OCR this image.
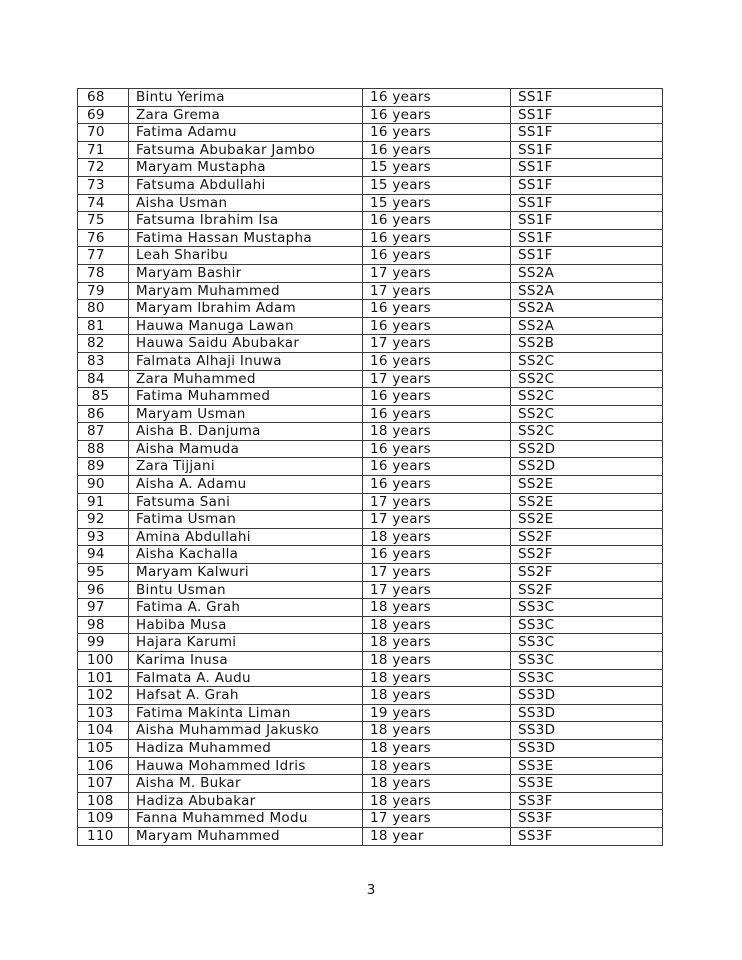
68	Bintu Yerima	16 years	SS1F
69	Zara Grema	16 years	SS1F
70	Fatima Adamu	16 years	SS1F
71	Fatsuma Abubakar Jambo	16 years	SS1F
72	Maryam Mustapha	15 years	SS1F
73	Fatsuma Abdullahi	15 years	SS1F
74	Aisha Usman	15 years	SS1F
75	Fatsuma Ibrahim Isa	16 years	SS1F
76	Fatima Hassan Mustapha	16 years	SS1F
77	Leah Sharibu	16 years	SS1F
78	Maryam Bashir	17 years	SS2A
79	Maryam Muhammed	17 years	SS2A
80	Maryam Ibrahim Adam	16 years	SS2A
81	Hauwa Manuga Lawan	16 years	SS2A
82	Hauwa Saidu Abubakar	17 years	SS2B
83	Falmata Alhaji Inuwa	16 years	SS2C
84	Zara Muhammed	17 years	SS2C
85	Fatima Muhammed	16 years	SS2C
86	Maryam Usman	16 years	SS2C
87	Aisha B. Danjuma	18 years	SS2C
88	Aisha Mamuda	16 years	SS2D
89	Zara Tijjani	16 years	SS2D
90	Aisha A. Adamu	16 years	SS2E
91	Fatsuma Sani	17 years	SS2E
92	Fatima Usman	17 years	SS2E
93	Amina Abdullahi	18 years	SS2F
94	Aisha Kachalla	16 years	SS2F
95	Maryam Kalwuri	17 years	SS2F
96	Bintu Usman	17 years	SS2F
97	Fatima A. Grah	18 years	SS3C
98	Habiba Musa	18 years	SS3C
99	Hajara Karumi	18 years	SS3C
100	Karima Inusa	18 years	SS3C
101	Falmata A. Audu	18 years	SS3C
102	Hafsat A. Grah	18 years	SS3D
103	Fatima Makinta Liman	19 years	SS3D
104	Aisha Muhammad Jakusko	18 years	SS3D
105	Hadiza Muhammed	18 years	SS3D
106	Hauwa Mohammed Idris	18 years	SS3E
107	Aisha M. Bukar	18 years	SS3E
108	Hadiza Abubakar	18 years	SS3F
109	Fanna Muhammed Modu	17 years	SS3F
110	Maryam Muhammed	18 year	SS3F
3
